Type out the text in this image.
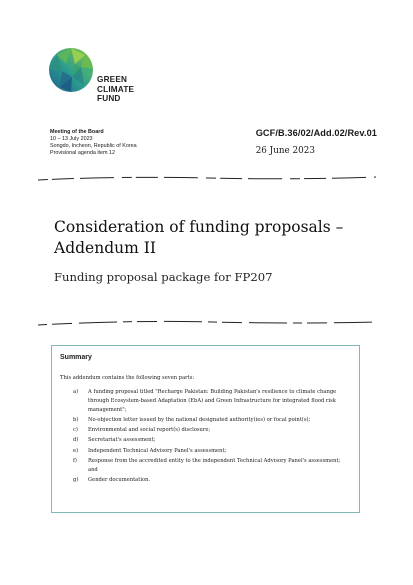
GREEN
CLIMATE
FUND
Meeting of the Board
10 – 13 July 2023
Songdo, Incheon, Republic of Korea
Provisional agenda item 12
GCF/B.36/02/Add.02/Rev.01
26 June 2023
Consideration of funding proposals –
Addendum II
Funding proposal package for FP207
Summary
This addendum contains the following seven parts:
a) A funding proposal titled "Recharge Pakistan: Building Pakistan's resilience to climate change through Ecosystem-based Adaptation (EbA) and Green Infrastructure for integrated flood risk management";
b) No-objection letter issued by the national designated authority(ies) or focal point(s);
c) Environmental and social report(s) disclosure;
d) Secretariat's assessment;
e) Independent Technical Advisory Panel's assessment;
f) Response from the accredited entity to the independent Technical Advisory Panel's assessment; and
g) Gender documentation.
